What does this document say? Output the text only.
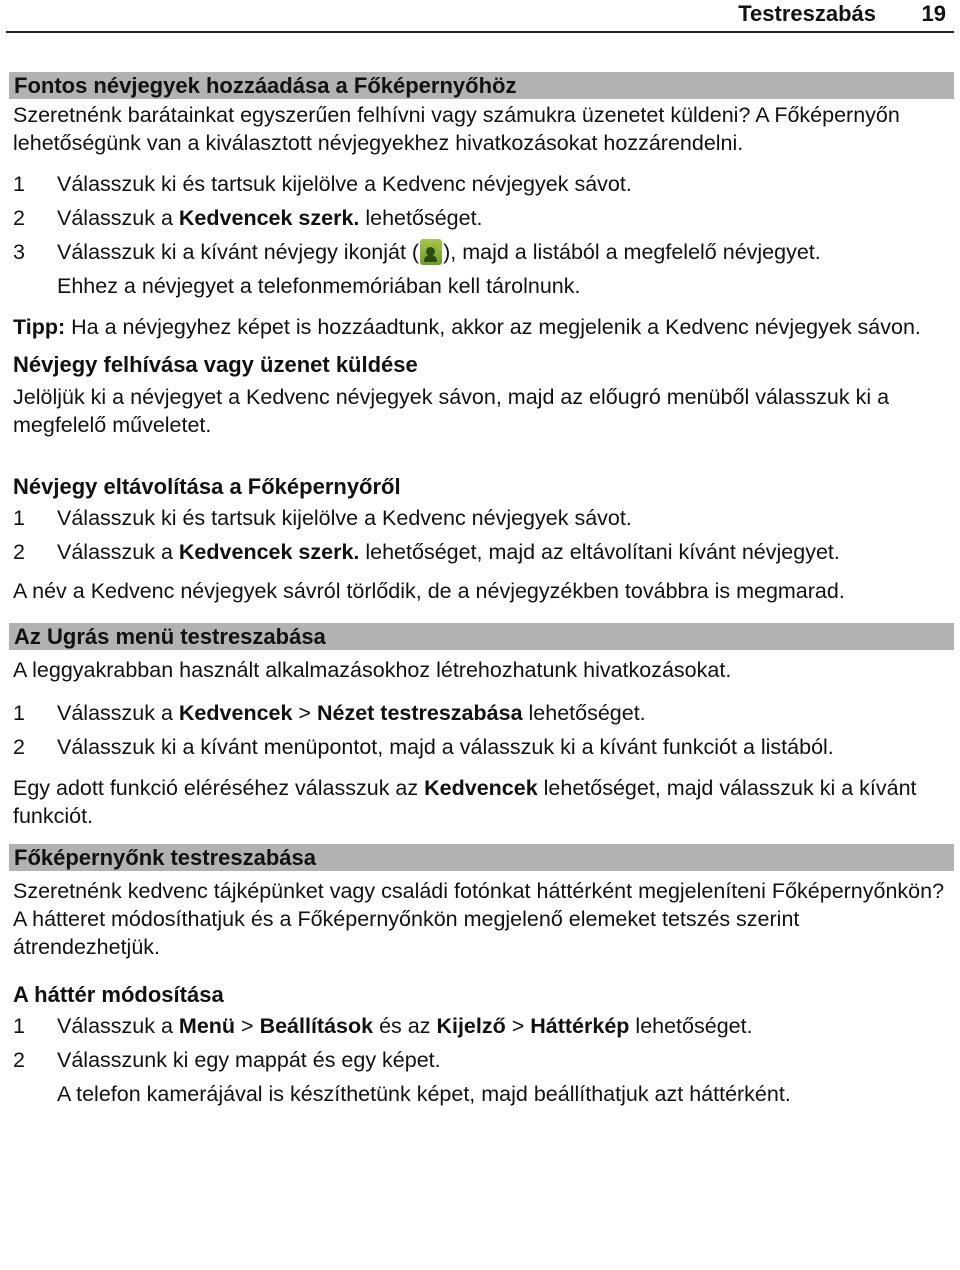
Testreszabás 19
Fontos névjegyek hozzáadása a Főképernyőhöz

Szeretnénk barátainkat egyszerűen felhívni vagy számukra üzenetet küldeni? A Főképernyőn lehetőségünk van a kiválasztott névjegyekhez hivatkozásokat hozzárendelni.

1	Válasszuk ki és tartsuk kijelölve a Kedvenc névjegyek sávot.
2	Válasszuk a Kedvencek szerk. lehetőséget.
3	Válasszuk ki a kívánt névjegy ikonját ( ), majd a listából a megfelelő névjegyet.
Ehhez a névjegyet a telefonmemóriában kell tárolnunk.

Tipp: Ha a névjegyhez képet is hozzáadtunk, akkor az megjelenik a Kedvenc névjegyek sávon.

Névjegy felhívása vagy üzenet küldése

Jelöljük ki a névjegyet a Kedvenc névjegyek sávon, majd az előugró menüből válasszuk ki a megfelelő műveletet.

Névjegy eltávolítása a Főképernyőről
1	Válasszuk ki és tartsuk kijelölve a Kedvenc névjegyek sávot.
2	Válasszuk a Kedvencek szerk. lehetőséget, majd az eltávolítani kívánt névjegyet.

A név a Kedvenc névjegyek sávról törlődik, de a névjegyzékben továbbra is megmarad.

Az Ugrás menü testreszabása

A leggyakrabban használt alkalmazásokhoz létrehozhatunk hivatkozásokat.

1	Válasszuk a Kedvencek > Nézet testreszabása lehetőséget.
2	Válasszuk ki a kívánt menüpontot, majd a válasszuk ki a kívánt funkciót a listából.

Egy adott funkció eléréséhez válasszuk az Kedvencek lehetőséget, majd válasszuk ki a kívánt funkciót.

Főképernyőnk testreszabása

Szeretnénk kedvenc tájképünket vagy családi fotónkat háttérként megjeleníteni Főképernyőnkön? A hátteret módosíthatjuk és a Főképernyőnkön megjelenő elemeket tetszés szerint átrendezhetjük.

A háttér módosítása
1	Válasszuk a Menü > Beállítások és az Kijelző > Háttérkép lehetőséget.
2	Válasszunk ki egy mappát és egy képet.
A telefon kamerájával is készíthetünk képet, majd beállíthatjuk azt háttérként.
